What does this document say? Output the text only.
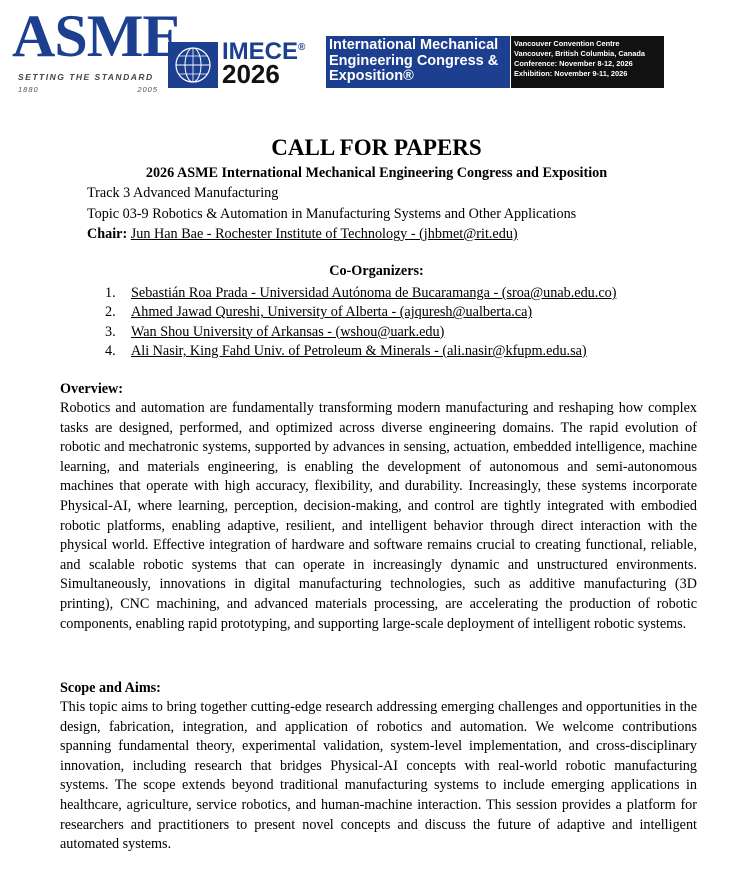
ASME
SETTING THE STANDARD
1880	2005
IMECE®
2026
International Mechanical
Engineering Congress &
Exposition®
Vancouver Convention Centre
Vancouver, British Columbia, Canada
Conference: November 8-12, 2026
Exhibition: November 9-11, 2026
CALL FOR PAPERS
2026 ASME International Mechanical Engineering Congress and Exposition
Track 3 Advanced Manufacturing
Topic 03-9 Robotics & Automation in Manufacturing Systems and Other Applications
Chair: Jun Han Bae - Rochester Institute of Technology - (jhbmet@rit.edu)
Co-Organizers:
1.	Sebastián Roa Prada - Universidad Autónoma de Bucaramanga - (sroa@unab.edu.co)
2.	Ahmed Jawad Qureshi, University of Alberta - (ajquresh@ualberta.ca)
3.	Wan Shou University of Arkansas - (wshou@uark.edu)
4.	Ali Nasir, King Fahd Univ. of Petroleum & Minerals - (ali.nasir@kfupm.edu.sa)
Overview:

Robotics and automation are fundamentally transforming modern manufacturing and reshaping how complex tasks are designed, performed, and optimized across diverse engineering domains. The rapid evolution of robotic and mechatronic systems, supported by advances in sensing, actuation, embedded intelligence, machine learning, and materials engineering, is enabling the development of autonomous and semi-autonomous machines that operate with high accuracy, flexibility, and durability. Increasingly, these systems incorporate Physical-AI, where learning, perception, decision-making, and control are tightly integrated with embodied robotic platforms, enabling adaptive, resilient, and intelligent behavior through direct interaction with the physical world. Effective integration of hardware and software remains crucial to creating functional, reliable, and scalable robotic systems that can operate in increasingly dynamic and unstructured environments. Simultaneously, innovations in digital manufacturing technologies, such as additive manufacturing (3D printing), CNC machining, and advanced materials processing, are accelerating the production of robotic components, enabling rapid prototyping, and supporting large-scale deployment of intelligent robotic systems.

Scope and Aims:

This topic aims to bring together cutting-edge research addressing emerging challenges and opportunities in the design, fabrication, integration, and application of robotics and automation. We welcome contributions spanning fundamental theory, experimental validation, system-level implementation, and cross-disciplinary innovation, including research that bridges Physical-AI concepts with real-world robotic manufacturing systems. The scope extends beyond traditional manufacturing systems to include emerging applications in healthcare, agriculture, service robotics, and human-machine interaction. This session provides a platform for researchers and practitioners to present novel concepts and discuss the future of adaptive and intelligent automated systems.
